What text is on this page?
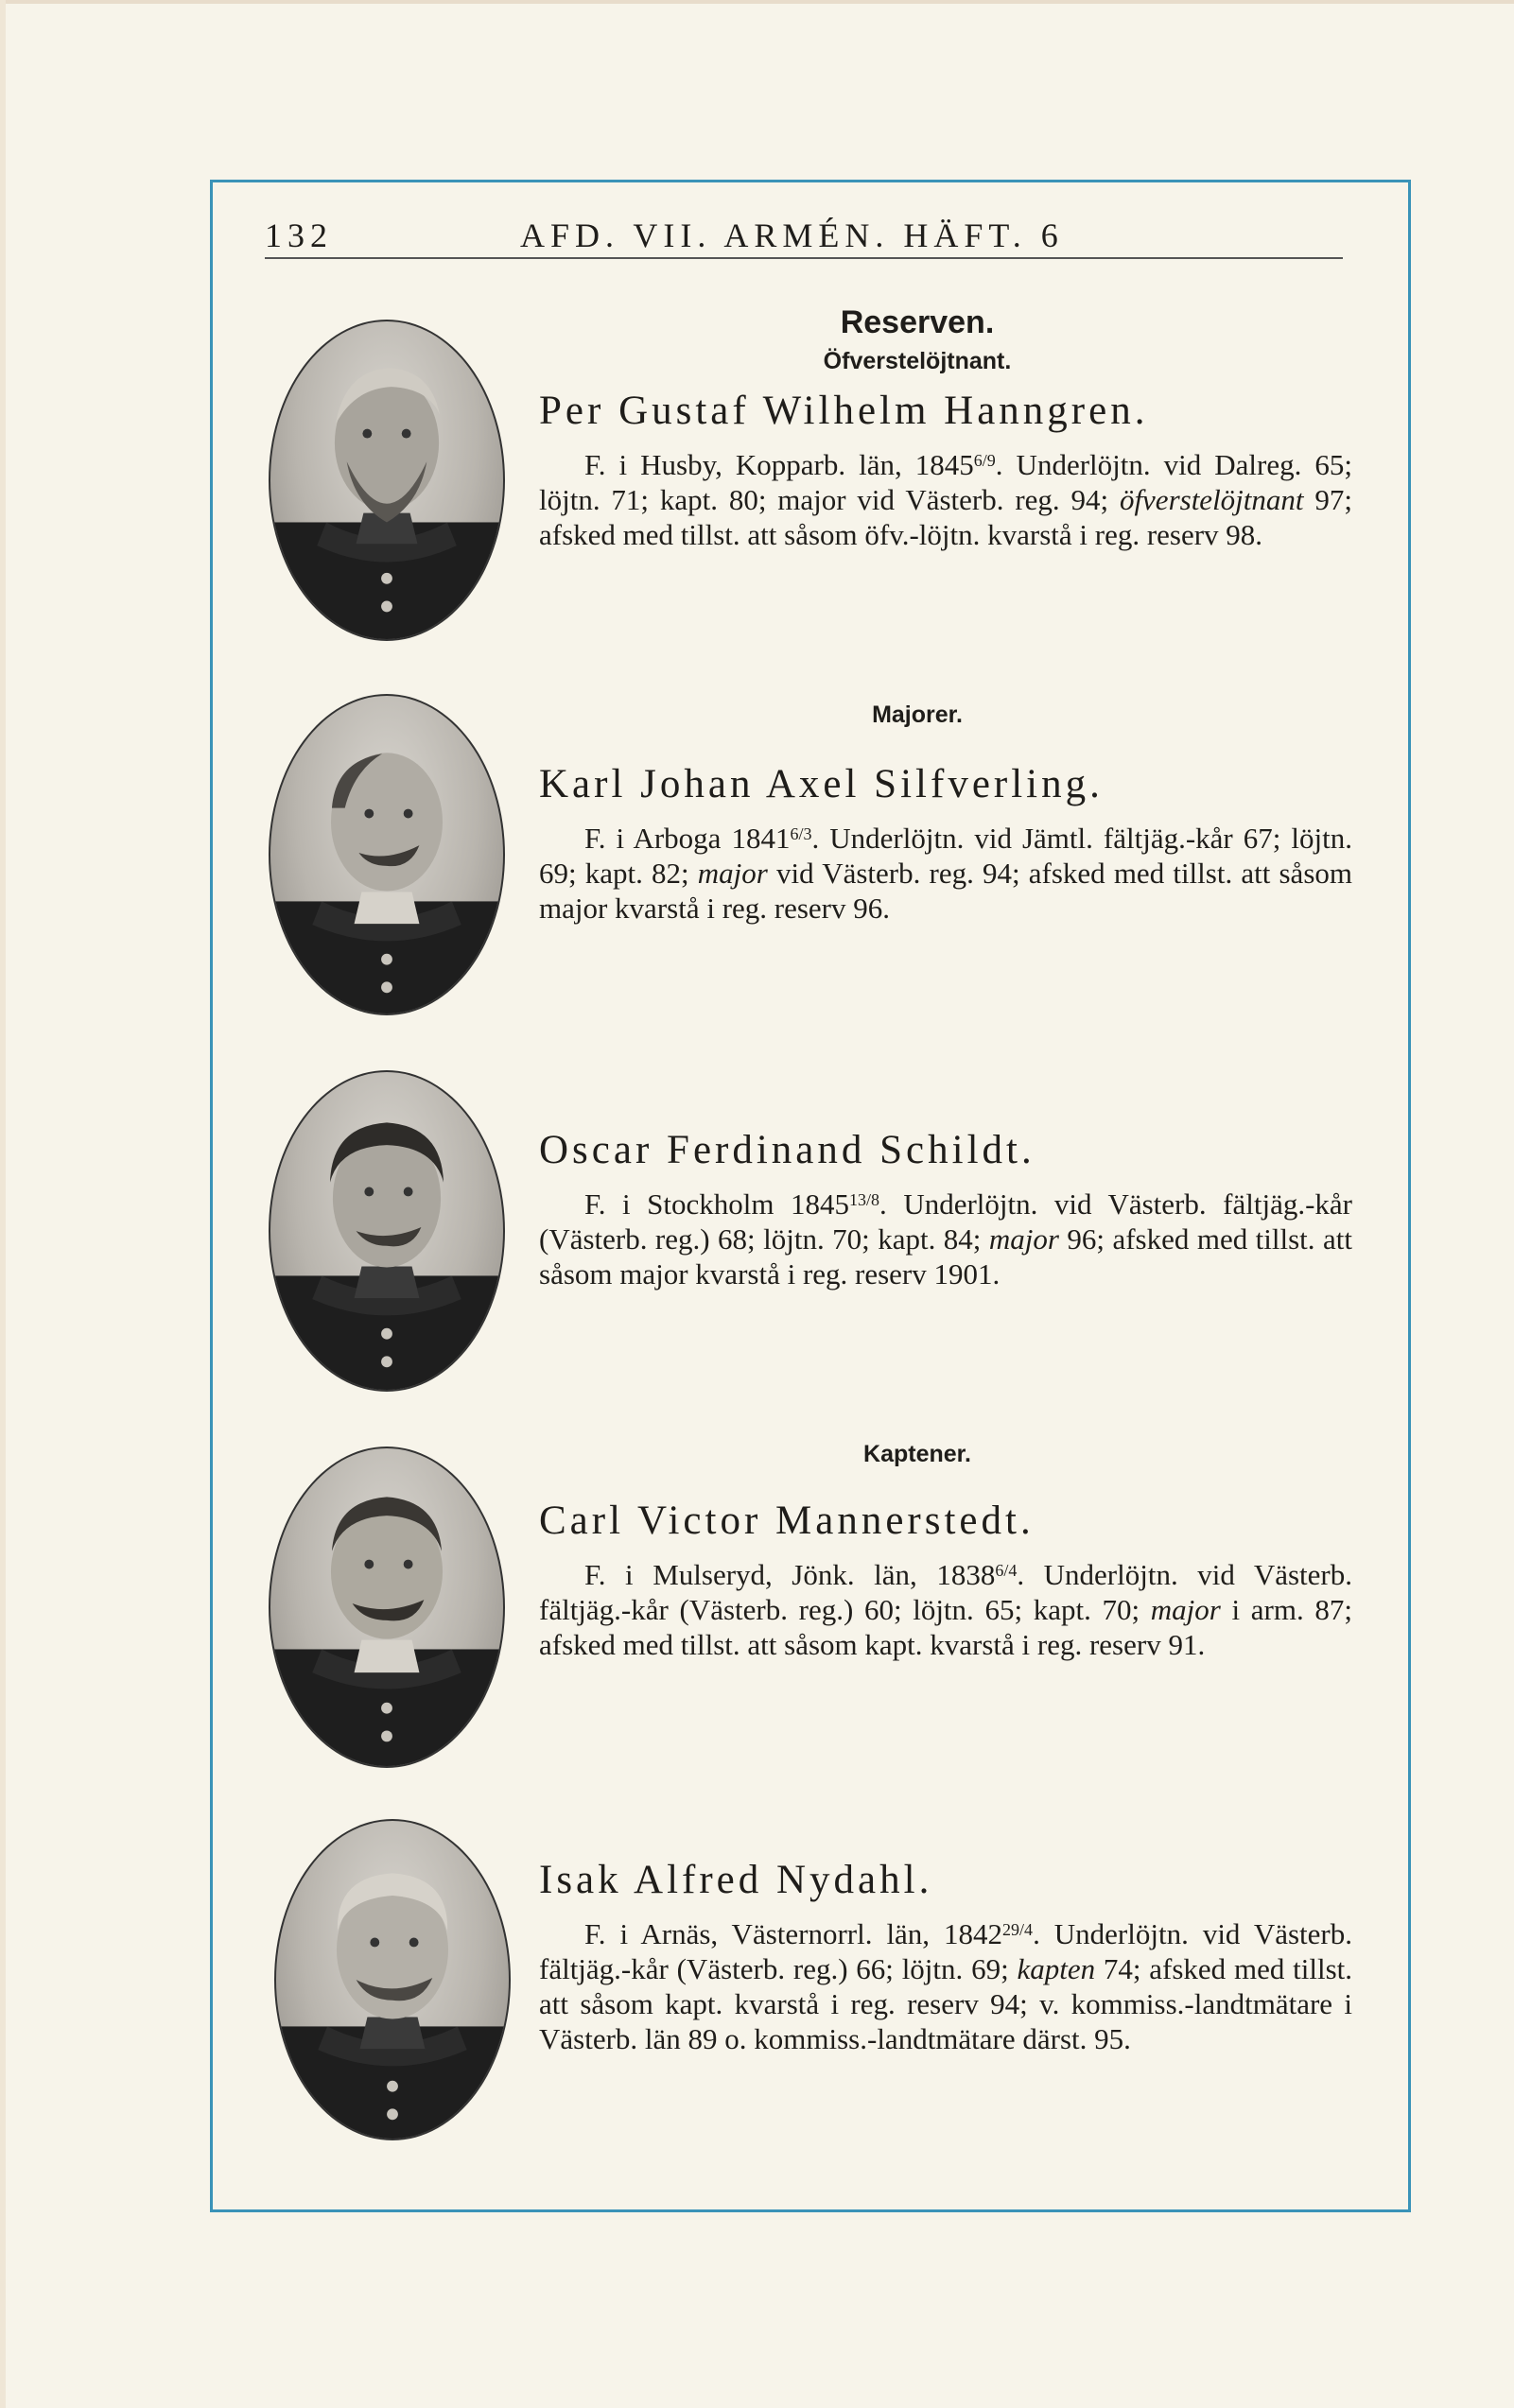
132	AFD. VII. ARMÉN. HÄFT. 6
Reserven.
Öfverstelöjtnant.
Majorer.
Kaptener.
Per Gustaf Wilhelm Hanngren.

F. i Husby, Kopparb. län, $1845^{6/9}$. Underlöjtn. vid Dalreg. 65; löjtn. 71; kapt. 80; major vid Västerb. reg. 94; öfverstelöjtnant 97; afsked med tillst. att såsom öfv.-löjtn. kvarstå i reg. reserv 98.

Karl Johan Axel Silfverling.

F. i Arboga $1841^{6/3}$. Underlöjtn. vid Jämtl. fältjäg.-kår 67; löjtn. 69; kapt. 82; major vid Västerb. reg. 94; afsked med tillst. att såsom major kvarstå i reg. reserv 96.

Oscar Ferdinand Schildt.

F. i Stockholm $1845^{13/8}$. Underlöjtn. vid Västerb. fältjäg.-kår (Västerb. reg.) 68; löjtn. 70; kapt. 84; major 96; afsked med tillst. att såsom major kvarstå i reg. reserv 1901.

Carl Victor Mannerstedt.

F. i Mulseryd, Jönk. län, $1838^{6/4}$. Underlöjtn. vid Västerb. fältjäg.-kår (Västerb. reg.) 60; löjtn. 65; kapt. 70; major i arm. 87; afsked med tillst. att såsom kapt. kvarstå i reg. reserv 91.

Isak Alfred Nydahl.

F. i Arnäs, Västernorrl. län, $1842^{29/4}$. Underlöjtn. vid Västerb. fältjäg.-kår (Västerb. reg.) 66; löjtn. 69; kapten 74; afsked med tillst. att såsom kapt. kvarstå i reg. reserv 94; v. kommiss.-landtmätare i Västerb. län 89 o. kommiss.-landtmätare därst. 95.
